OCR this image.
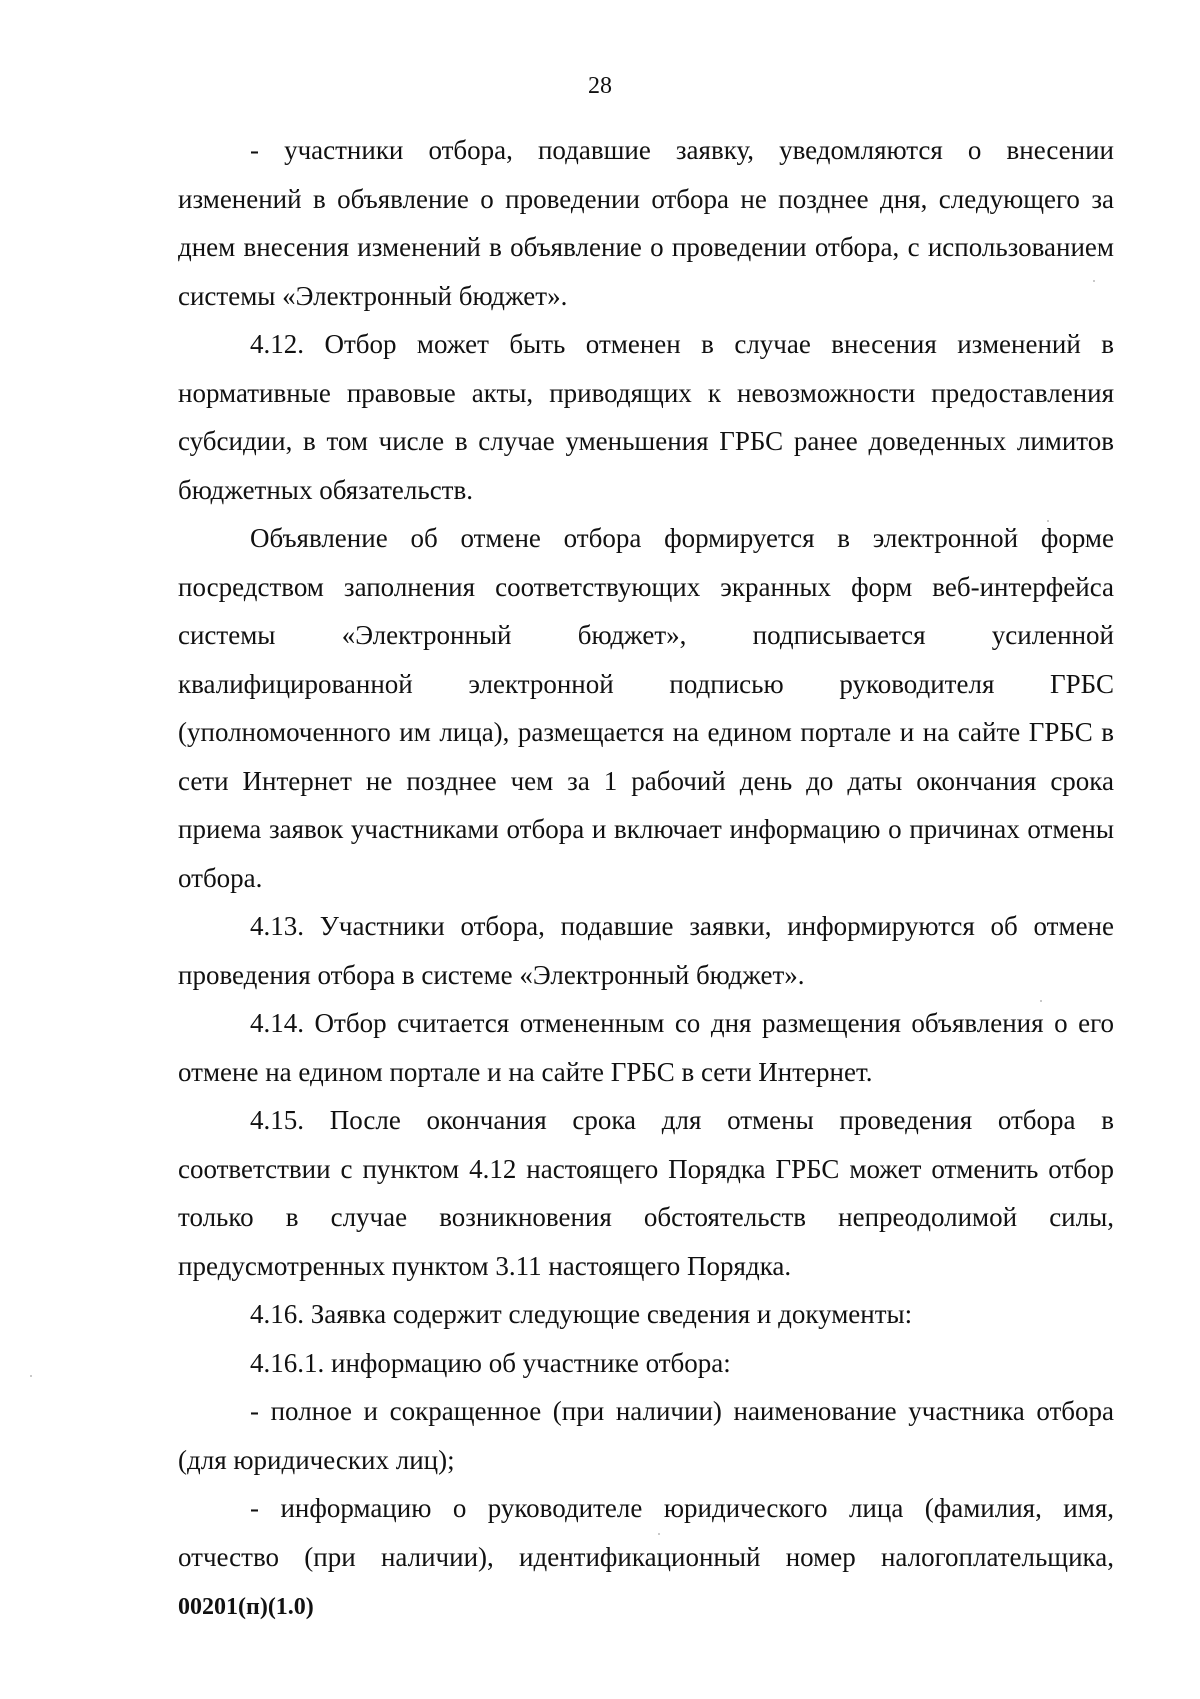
28

- участники отбора, подавшие заявку, уведомляются о внесении изменений в объявление о проведении отбора не позднее дня, следующего за днем внесения изменений в объявление о проведении отбора, с использованием системы «Электронный бюджет».

4.12. Отбор может быть отменен в случае внесения изменений в нормативные правовые акты, приводящих к невозможности предоставления субсидии, в том числе в случае уменьшения ГРБС ранее доведенных лимитов бюджетных обязательств.

Объявление об отмене отбора формируется в электронной форме посредством заполнения соответствующих экранных форм веб-интерфейса системы «Электронный бюджет», подписывается усиленной квалифицированной электронной подписью руководителя ГРБС (уполномоченного им лица), размещается на едином портале и на сайте ГРБС в сети Интернет не позднее чем за 1 рабочий день до даты окончания срока приема заявок участниками отбора и включает информацию о причинах отмены отбора.

4.13. Участники отбора, подавшие заявки, информируются об отмене проведения отбора в системе «Электронный бюджет».

4.14. Отбор считается отмененным со дня размещения объявления о его отмене на едином портале и на сайте ГРБС в сети Интернет.

4.15. После окончания срока для отмены проведения отбора в соответствии с пунктом 4.12 настоящего Порядка ГРБС может отменить отбор только в случае возникновения обстоятельств непреодолимой силы, предусмотренных пунктом 3.11 настоящего Порядка.

4.16. Заявка содержит следующие сведения и документы:

4.16.1. информацию об участнике отбора:

- полное и сокращенное (при наличии) наименование участника отбора (для юридических лиц);

- информацию о руководителе юридического лица (фамилия, имя, отчество (при наличии), идентификационный номер налогоплательщика,

00201(п)(1.0)
